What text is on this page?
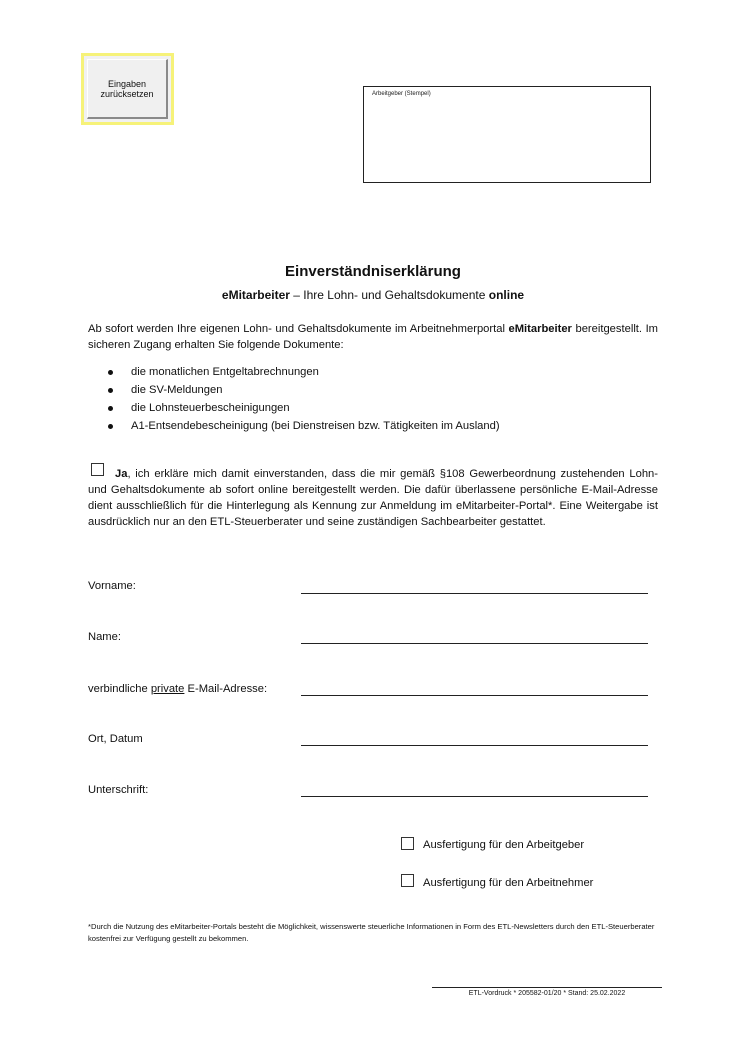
Eingaben
zurücksetzen	Arbeitgeber (Stempel)
Einverständniserklärung
eMitarbeiter – Ihre Lohn- und Gehaltsdokumente online
Ab sofort werden Ihre eigenen Lohn- und Gehaltsdokumente im Arbeitnehmerportal eMitarbeiter bereitgestellt. Im sicheren Zugang erhalten Sie folgende Dokumente:
die monatlichen Entgeltabrechnungen
die SV-Meldungen
die Lohnsteuerbescheinigungen
A1-Entsendebescheinigung (bei Dienstreisen bzw. Tätigkeiten im Ausland)
Ja, ich erkläre mich damit einverstanden, dass die mir gemäß §108 Gewerbeordnung zustehenden Lohn- und Gehaltsdokumente ab sofort online bereitgestellt werden. Die dafür überlassene persönliche E-Mail-Adresse dient ausschließlich für die Hinterlegung als Kennung zur Anmeldung im eMitarbeiter-Portal*. Eine Weitergabe ist ausdrücklich nur an den ETL-Steuerberater und seine zuständigen Sachbearbeiter gestattet.
Vorname:
Name:
verbindliche private E-Mail-Adresse:
Ort, Datum
Unterschrift:
Ausfertigung für den Arbeitgeber
Ausfertigung für den Arbeitnehmer
*Durch die Nutzung des eMitarbeiter-Portals besteht die Möglichkeit, wissenswerte steuerliche Informationen in Form des ETL-Newsletters durch den ETL-Steuerberater kostenfrei zur Verfügung gestellt zu bekommen.
ETL-Vordruck * 205582-01/20 * Stand: 25.02.2022
